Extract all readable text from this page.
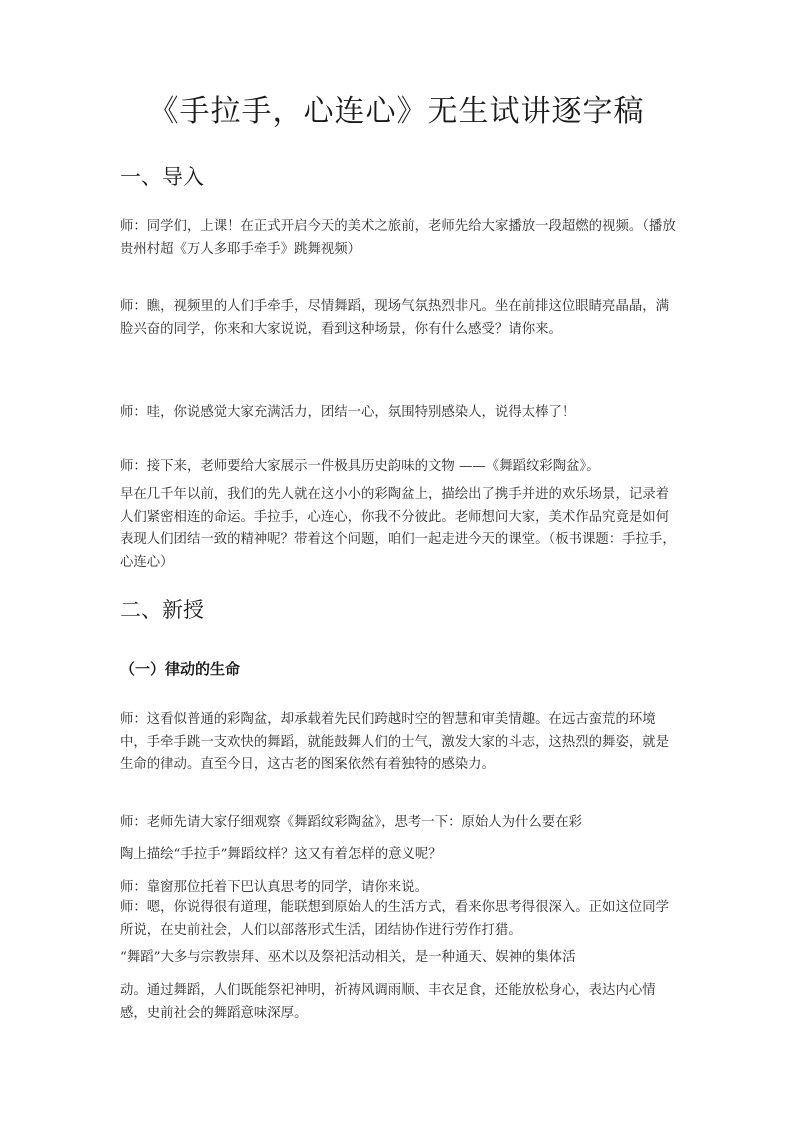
《手拉手，心连心》无生试讲逐字稿
一、导入

师：同学们，上课！在正式开启今天的美术之旅前，老师先给大家播放一段超燃的视频。（播放贵州村超《万人多耶手牵手》跳舞视频）

师：瞧，视频里的人们手牵手，尽情舞蹈，现场气氛热烈非凡。坐在前排这位眼睛亮晶晶，满脸兴奋的同学，你来和大家说说，看到这种场景，你有什么感受？请你来。

师：哇，你说感觉大家充满活力，团结一心，氛围特别感染人，说得太棒了！

师：接下来，老师要给大家展示一件极具历史韵味的文物 ——《舞蹈纹彩陶盆》。

早在几千年以前，我们的先人就在这小小的彩陶盆上，描绘出了携手并进的欢乐场景，记录着人们紧密相连的命运。手拉手，心连心，你我不分彼此。老师想问大家，美术作品究竟是如何表现人们团结一致的精神呢？带着这个问题，咱们一起走进今天的课堂。（板书课题：手拉手，心连心）

二、新授
（一）律动的生命

师：这看似普通的彩陶盆，却承载着先民们跨越时空的智慧和审美情趣。在远古蛮荒的环境中，手牵手跳一支欢快的舞蹈，就能鼓舞人们的士气，激发大家的斗志，这热烈的舞姿，就是生命的律动。直至今日，这古老的图案依然有着独特的感染力。

师：老师先请大家仔细观察《舞蹈纹彩陶盆》，思考一下：原始人为什么要在彩

陶上描绘“手拉手”舞蹈纹样？这又有着怎样的意义呢？

师：靠窗那位托着下巴认真思考的同学，请你来说。

师：嗯，你说得很有道理，能联想到原始人的生活方式，看来你思考得很深入。正如这位同学所说，在史前社会，人们以部落形式生活，团结协作进行劳作打猎。

“舞蹈”大多与宗教崇拜、巫术以及祭祀活动相关，是一种通天、娱神的集体活

动。通过舞蹈，人们既能祭祀神明，祈祷风调雨顺、丰衣足食，还能放松身心，表达内心情感，史前社会的舞蹈意味深厚。
